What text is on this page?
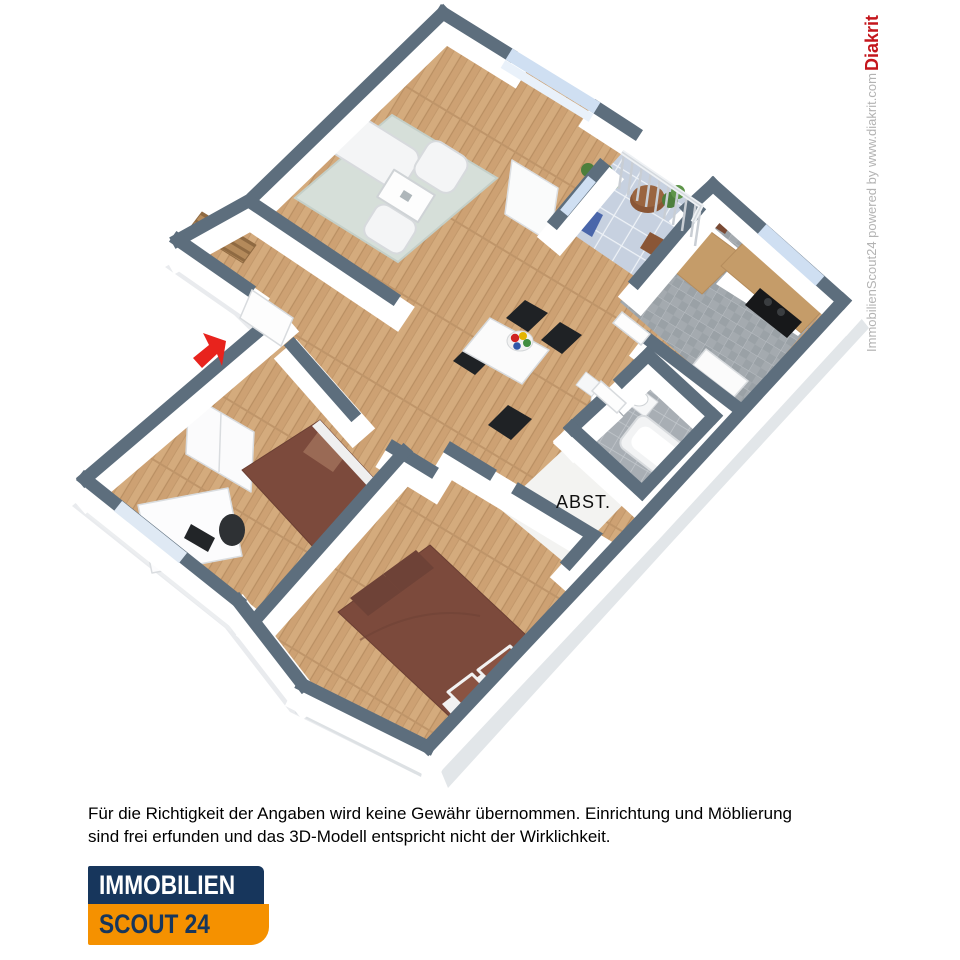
ABST.
ImmobilienScout24 powered by www.diakrit.com
Diakrit
Für die Richtigkeit der Angaben wird keine Gewähr übernommen. Einrichtung und Möblierung
sind frei erfunden und das 3D-Modell entspricht nicht der Wirklichkeit.
IMMOBILIEN
SCOUT 24
